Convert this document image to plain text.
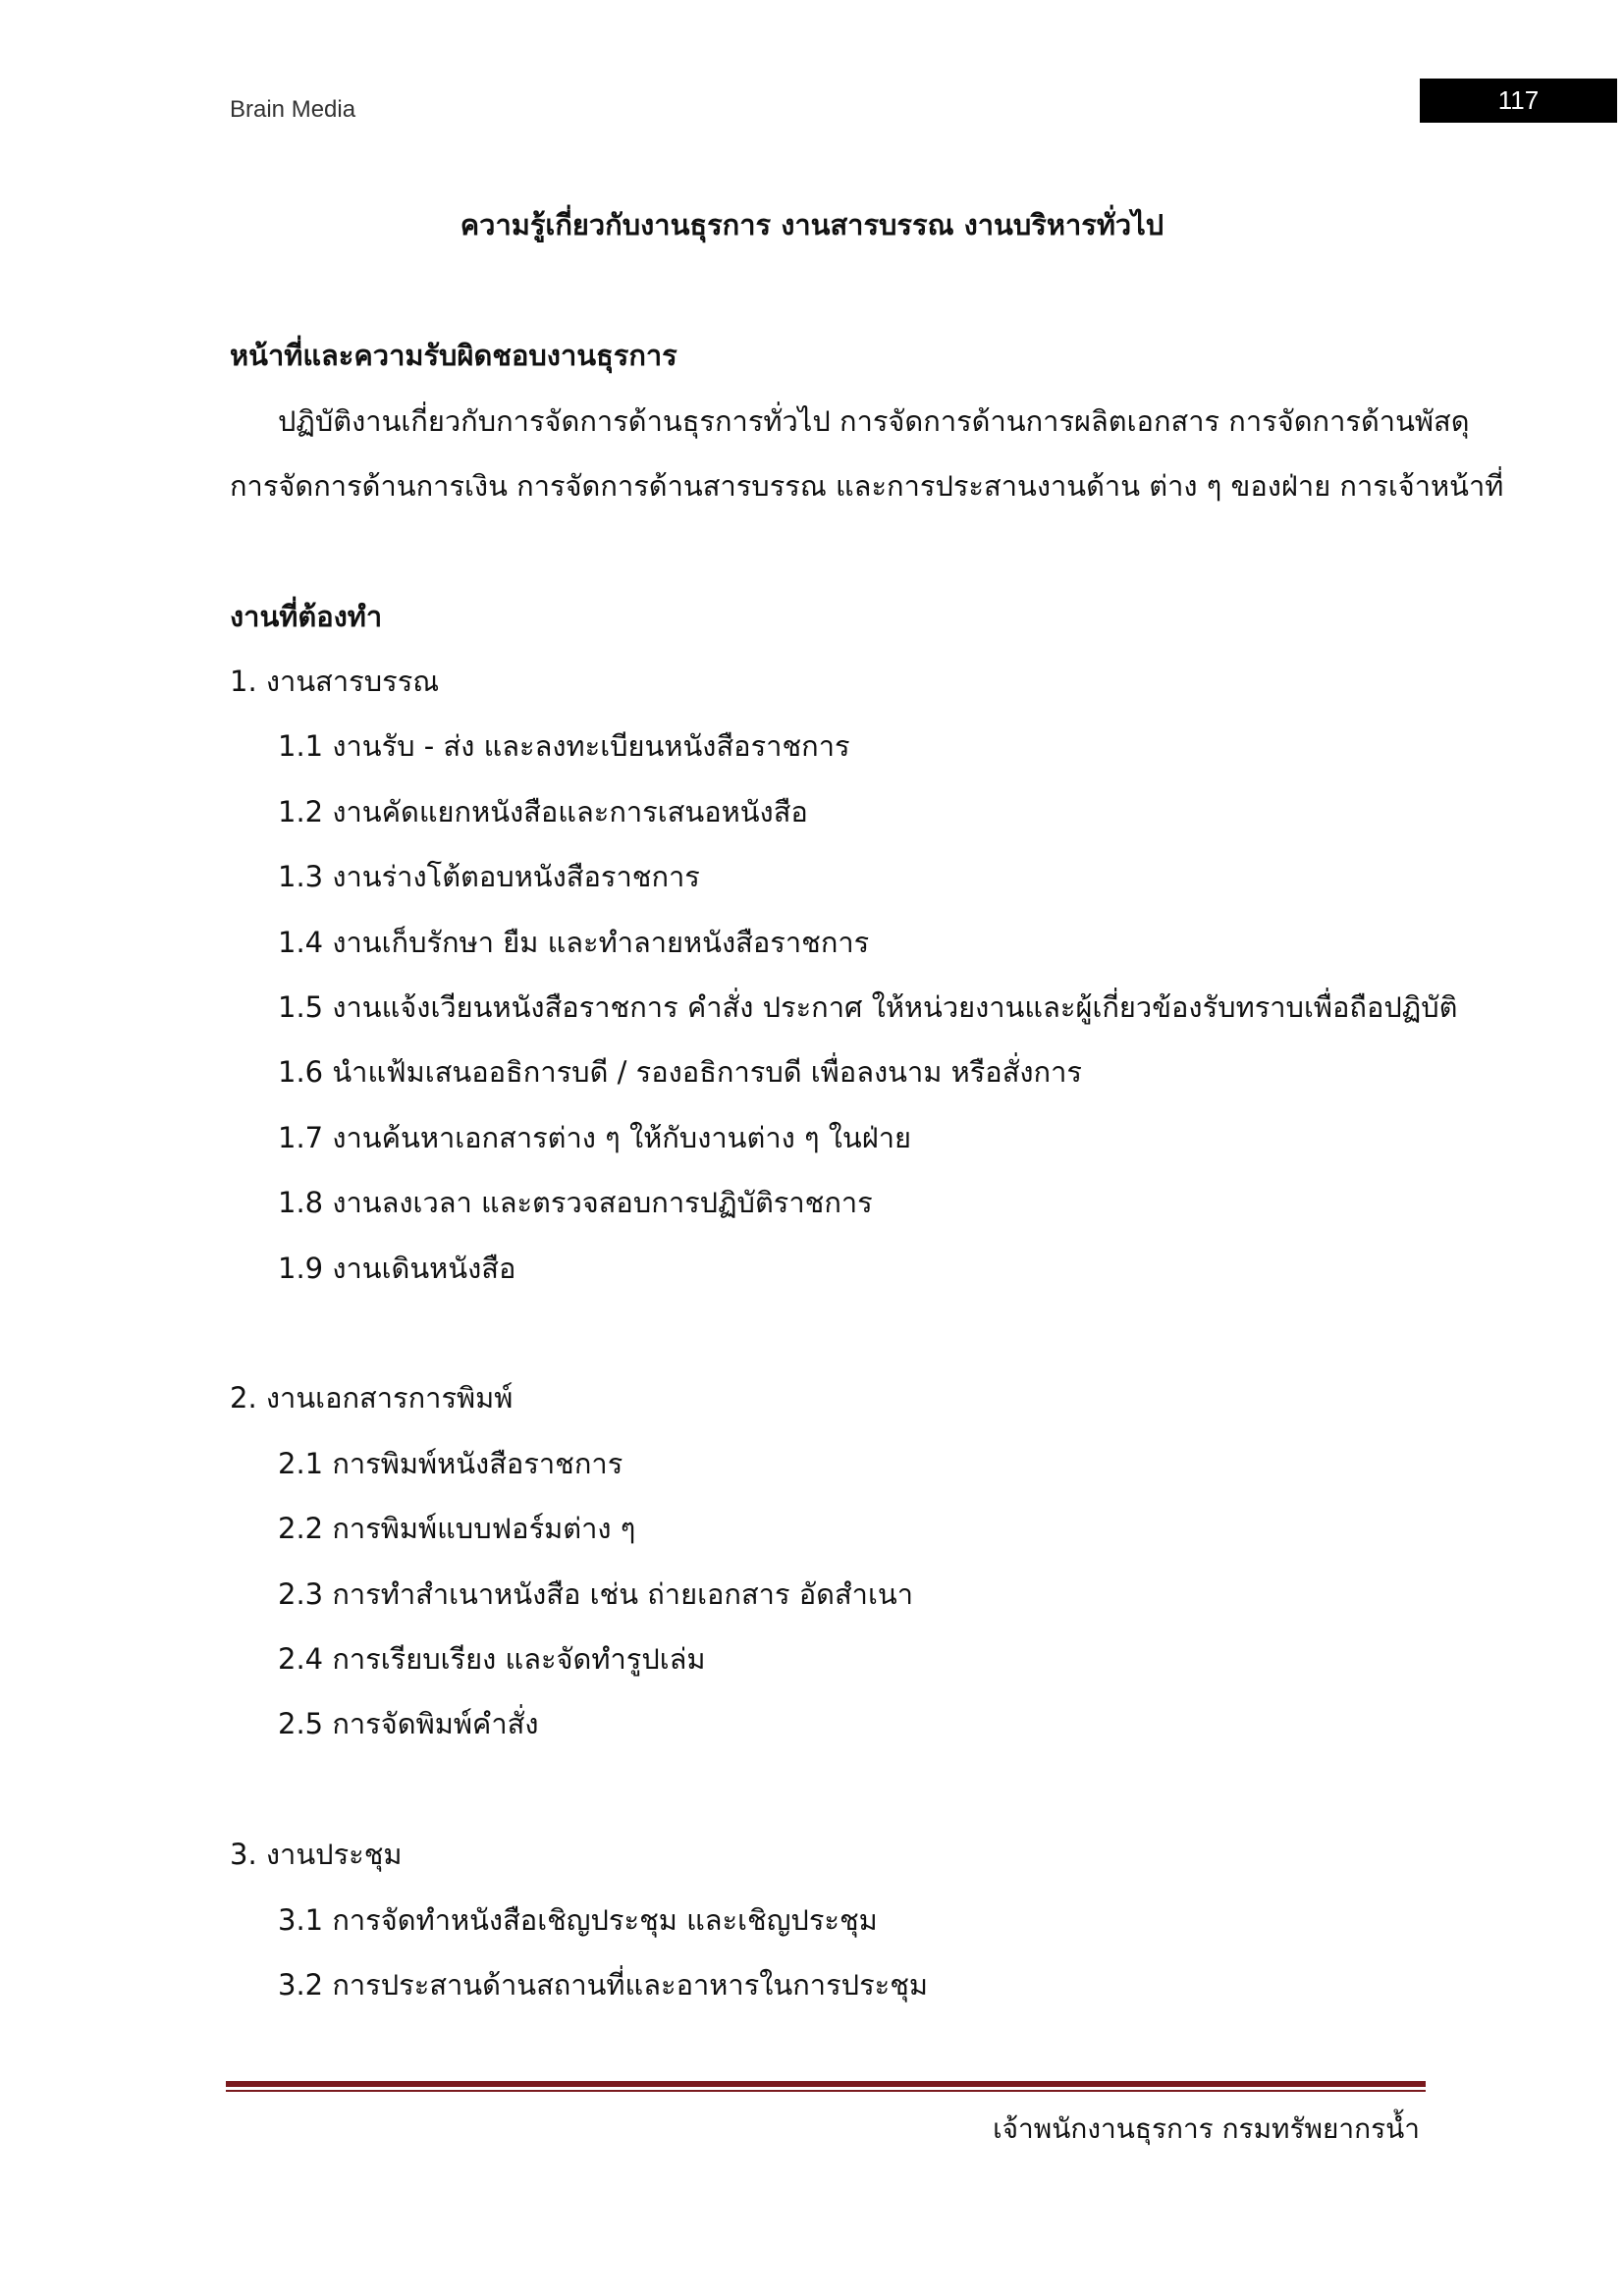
Brain Media	117
ความรู้เกี่ยวกับงานธุรการ งานสารบรรณ งานบริหารทั่วไป
หน้าที่และความรับผิดชอบงานธุรการ
ปฏิบัติงานเกี่ยวกับการจัดการด้านธุรการทั่วไป การจัดการด้านการผลิตเอกสาร การจัดการด้านพัสดุ
การจัดการด้านการเงิน การจัดการด้านสารบรรณ และการประสานงานด้าน ต่าง ๆ ของฝ่าย การเจ้าหน้าที่
งานที่ต้องทำ
1. งานสารบรรณ
1.1 งานรับ - ส่ง และลงทะเบียนหนังสือราชการ
1.2 งานคัดแยกหนังสือและการเสนอหนังสือ
1.3 งานร่างโต้ตอบหนังสือราชการ
1.4 งานเก็บรักษา ยืม และทำลายหนังสือราชการ
1.5 งานแจ้งเวียนหนังสือราชการ คำสั่ง ประกาศ ให้หน่วยงานและผู้เกี่ยวข้องรับทราบเพื่อถือปฏิบัติ
1.6 นำแฟ้มเสนออธิการบดี / รองอธิการบดี เพื่อลงนาม หรือสั่งการ
1.7 งานค้นหาเอกสารต่าง ๆ ให้กับงานต่าง ๆ ในฝ่าย
1.8 งานลงเวลา และตรวจสอบการปฏิบัติราชการ
1.9 งานเดินหนังสือ
2. งานเอกสารการพิมพ์
2.1 การพิมพ์หนังสือราชการ
2.2 การพิมพ์แบบฟอร์มต่าง ๆ
2.3 การทำสำเนาหนังสือ เช่น ถ่ายเอกสาร อัดสำเนา
2.4 การเรียบเรียง และจัดทำรูปเล่ม
2.5 การจัดพิมพ์คำสั่ง
3. งานประชุม
3.1 การจัดทำหนังสือเชิญประชุม และเชิญประชุม
3.2 การประสานด้านสถานที่และอาหารในการประชุม
เจ้าพนักงานธุรการ กรมทรัพยากรน้ำ
